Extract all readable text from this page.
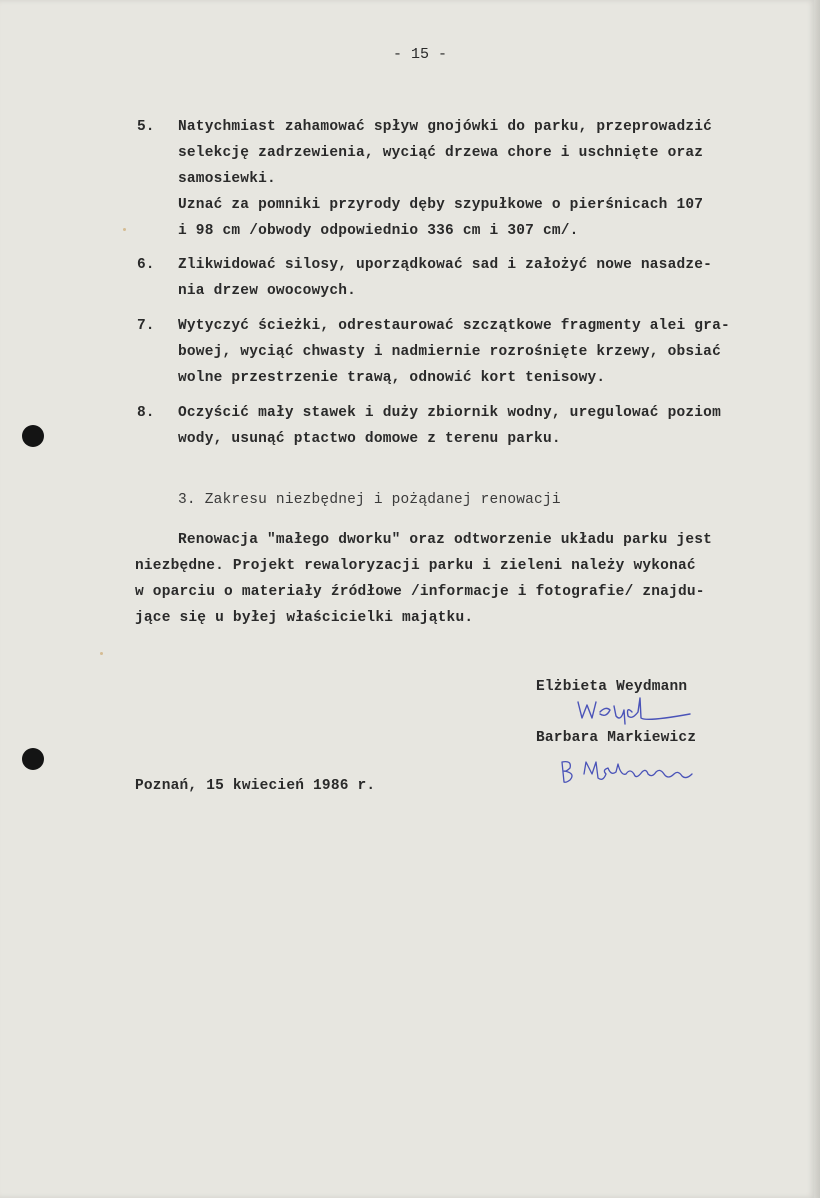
- 15 -
5. Natychmiast zahamować spływ gnojówki do parku, przeprowadzić
selekcję zadrzewienia, wyciąć drzewa chore i uschnięte oraz
samosiewki.
Uznać za pomniki przyrody dęby szypułkowe o pierśnicach 107
i 98 cm /obwody odpowiednio 336 cm i 307 cm/.
6. Zlikwidować silosy, uporządkować sad i założyć nowe nasadze-
nia drzew owocowych.
7. Wytyczyć ścieżki, odrestaurować szczątkowe fragmenty alei gra-
bowej, wyciąć chwasty i nadmiernie rozrośnięte krzewy, obsiać
wolne przestrzenie trawą, odnowić kort tenisowy.
8. Oczyścić mały stawek i duży zbiornik wodny, uregulować poziom
wody, usunąć ptactwo domowe z terenu parku.
3. Zakresu niezbędnej i pożądanej renowacji
Renowacja "małego dworku" oraz odtworzenie układu parku jest
niezbędne. Projekt rewaloryzacji parku i zieleni należy wykonać
w oparciu o materiały źródłowe /informacje i fotografie/ znajdu-
jące się u byłej właścicielki majątku.
Elżbieta Weydmann
Barbara Markiewicz
Poznań, 15 kwiecień 1986 r.
